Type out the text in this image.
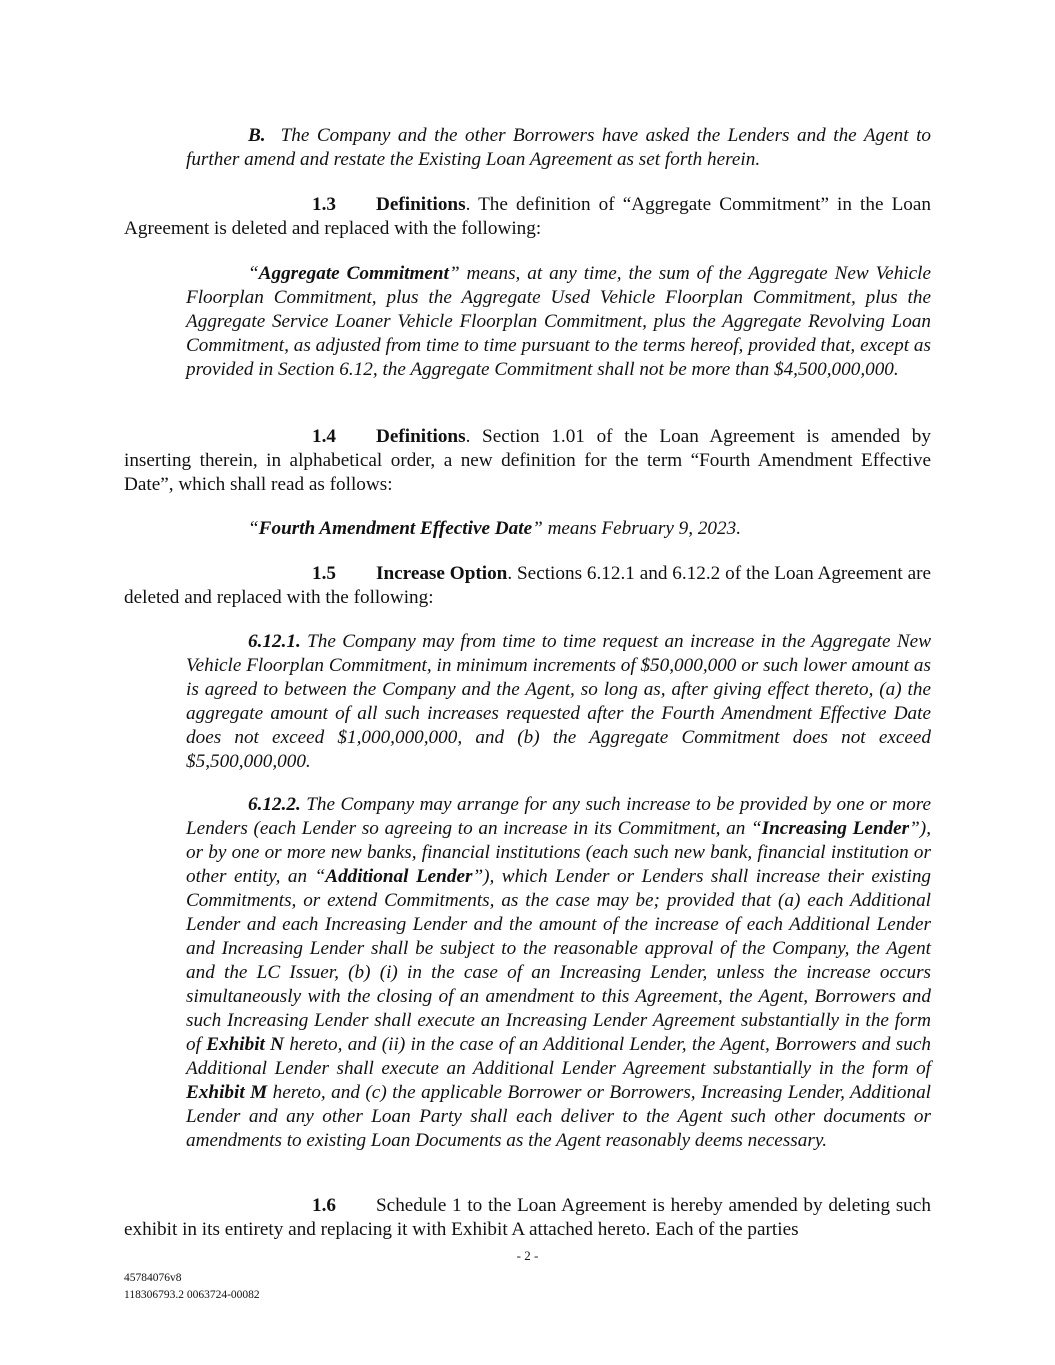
B. The Company and the other Borrowers have asked the Lenders and the Agent to further amend and restate the Existing Loan Agreement as set forth herein.

1.3 Definitions. The definition of “Aggregate Commitment” in the Loan Agreement is deleted and replaced with the following:

“Aggregate Commitment” means, at any time, the sum of the Aggregate New Vehicle Floorplan Commitment, plus the Aggregate Used Vehicle Floorplan Commitment, plus the Aggregate Service Loaner Vehicle Floorplan Commitment, plus the Aggregate Revolving Loan Commitment, as adjusted from time to time pursuant to the terms hereof, provided that, except as provided in Section 6.12, the Aggregate Commitment shall not be more than $4,500,000,000.

1.4 Definitions. Section 1.01 of the Loan Agreement is amended by inserting therein, in alphabetical order, a new definition for the term “Fourth Amendment Effective Date”, which shall read as follows:

“Fourth Amendment Effective Date” means February 9, 2023.

1.5 Increase Option. Sections 6.12.1 and 6.12.2 of the Loan Agreement are deleted and replaced with the following:

6.12.1. The Company may from time to time request an increase in the Aggregate New Vehicle Floorplan Commitment, in minimum increments of $50,000,000 or such lower amount as is agreed to between the Company and the Agent, so long as, after giving effect thereto, (a) the aggregate amount of all such increases requested after the Fourth Amendment Effective Date does not exceed $1,000,000,000, and (b) the Aggregate Commitment does not exceed $5,500,000,000.

6.12.2. The Company may arrange for any such increase to be provided by one or more Lenders (each Lender so agreeing to an increase in its Commitment, an “Increasing Lender”), or by one or more new banks, financial institutions (each such new bank, financial institution or other entity, an “Additional Lender”), which Lender or Lenders shall increase their existing Commitments, or extend Commitments, as the case may be; provided that (a) each Additional Lender and each Increasing Lender and the amount of the increase of each Additional Lender and Increasing Lender shall be subject to the reasonable approval of the Company, the Agent and the LC Issuer, (b) (i) in the case of an Increasing Lender, unless the increase occurs simultaneously with the closing of an amendment to this Agreement, the Agent, Borrowers and such Increasing Lender shall execute an Increasing Lender Agreement substantially in the form of Exhibit N hereto, and (ii) in the case of an Additional Lender, the Agent, Borrowers and such Additional Lender shall execute an Additional Lender Agreement substantially in the form of Exhibit M hereto, and (c) the applicable Borrower or Borrowers, Increasing Lender, Additional Lender and any other Loan Party shall each deliver to the Agent such other documents or amendments to existing Loan Documents as the Agent reasonably deems necessary.

1.6 Schedule 1 to the Loan Agreement is hereby amended by deleting such exhibit in its entirety and replacing it with Exhibit A attached hereto. Each of the parties

- 2 -
45784076v8
118306793.2 0063724-00082
